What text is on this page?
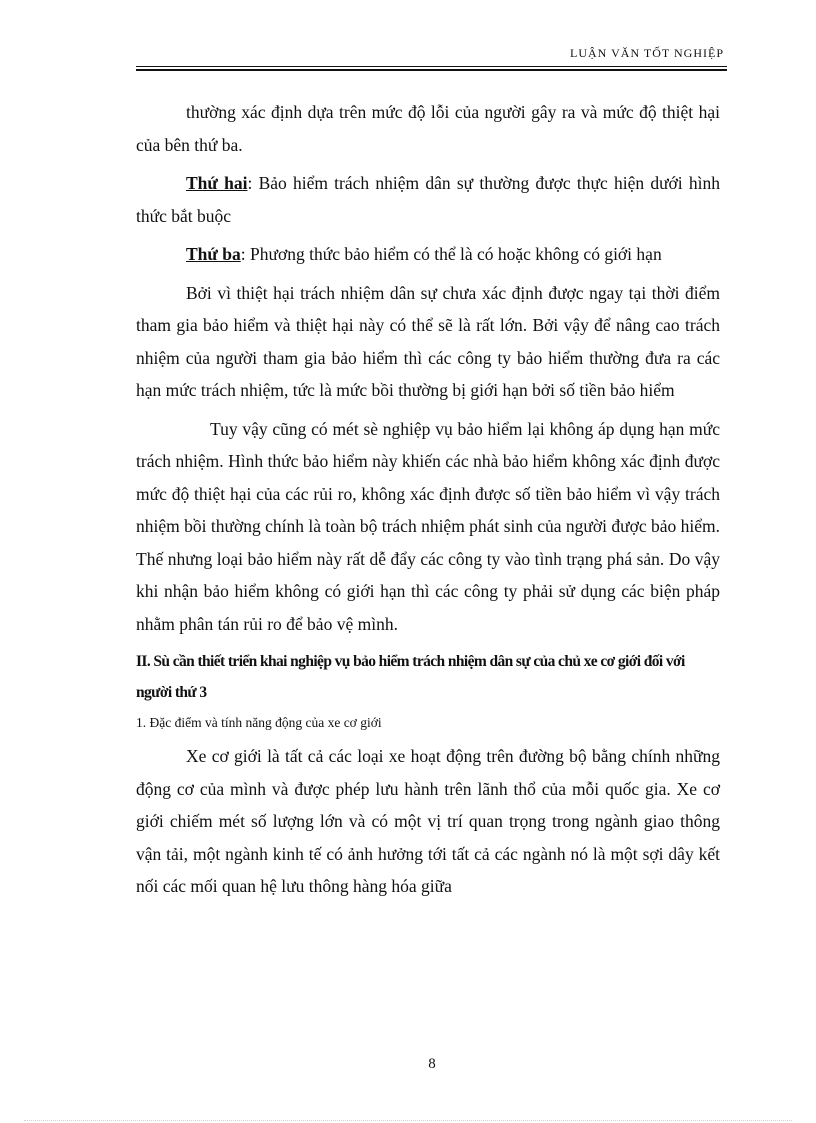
LUẬN VĂN TỐT NGHIỆP

thường xác định dựa trên mức độ lỗi của người gây ra và mức độ thiệt hại của bên thứ ba.

Thứ hai: Bảo hiểm trách nhiệm dân sự thường được thực hiện dưới hình thức bắt buộc

Thứ ba: Phương thức bảo hiểm có thể là có hoặc không có giới hạn

Bởi vì thiệt hại trách nhiệm dân sự chưa xác định được ngay tại thời điểm tham gia bảo hiểm và thiệt hại này có thể sẽ là rất lớn. Bởi vậy để nâng cao trách nhiệm của người tham gia bảo hiểm thì các công ty bảo hiểm thường đưa ra các hạn mức trách nhiệm, tức là mức bồi thường bị giới hạn bởi số tiền bảo hiểm

Tuy vậy cũng có mét sè nghiệp vụ bảo hiểm lại không áp dụng hạn mức trách nhiệm. Hình thức bảo hiểm này khiến các nhà bảo hiểm không xác định được mức độ thiệt hại của các rủi ro, không xác định được số tiền bảo hiểm vì vậy trách nhiệm bồi thường chính là toàn bộ trách nhiệm phát sinh của người được bảo hiểm. Thế nhưng loại bảo hiểm này rất dễ đẩy các công ty vào tình trạng phá sản. Do vậy khi nhận bảo hiểm không có giới hạn thì các công ty phải sử dụng các biện pháp nhằm phân tán rủi ro để bảo vệ mình.

II. Sù cần thiết triển khai nghiệp vụ bảo hiểm trách nhiệm dân sự của chủ xe cơ giới đối với người thứ 3
1. Đặc điểm và tính năng động của xe cơ giới

Xe cơ giới là tất cả các loại xe hoạt động trên đường bộ bằng chính những động cơ của mình và được phép lưu hành trên lãnh thổ của mỗi quốc gia. Xe cơ giới chiếm mét số lượng lớn và có một vị trí quan trọng trong ngành giao thông vận tải, một ngành kinh tế có ảnh hưởng tới tất cả các ngành nó là một sợi dây kết nối các mối quan hệ lưu thông hàng hóa giữa

8
